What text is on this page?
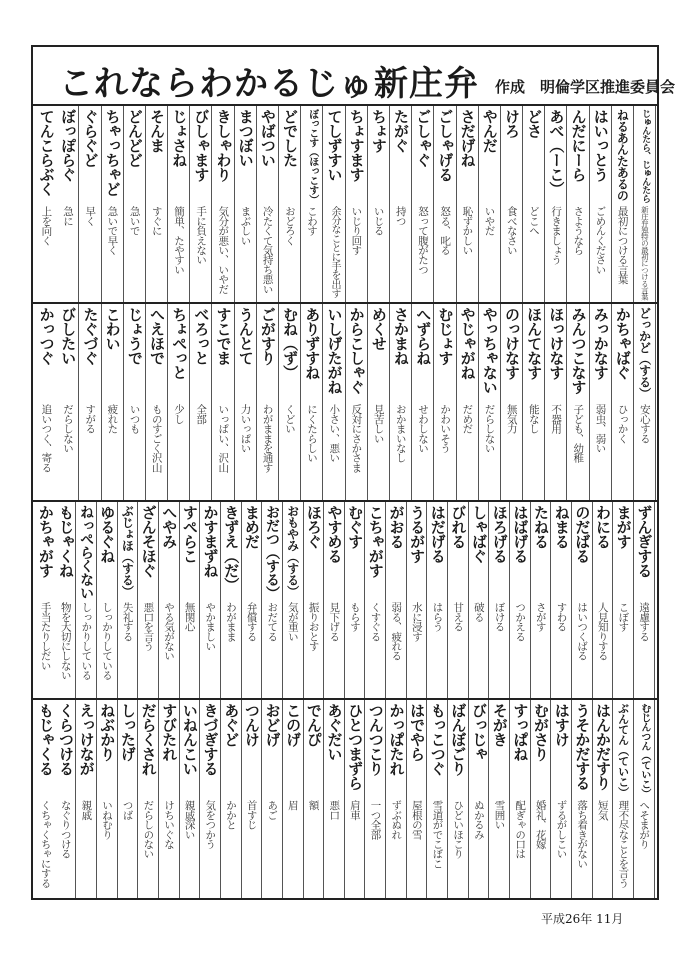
これならわかるじゅ新庄弁 作成　明倫学区推進委員会
じゅんたら、じゅんたら
新庄弁独特の最初につける言葉
ねるあんたあるの
最初につける言葉
はいっとう
ごめんください
んだにーら
さようなら
あべ（ーこ）
行きましょう
どさ
どこへ
けろ
食べなさい
やんだ
いやだ
さだげね
恥ずかしい
ごしゃげる
怒る、叱る
ごしゃぐ
怒って腹がたつ
たがぐ
持つ
ちょす
いじる
ちょすます
いじり回す
てしずすい
余分なことに手を出す
ぼっこす（ほっこす）
こわす
どでした
おどろく
やばつい
冷たくて気持ち悪い
まつぼい
まぶしい
きしゃわり
気分が悪い、いやだ
びしゃます
手に負えない
じょさね
簡単、たやすい
そんま
すぐに
どんどど
急いで
ちゃっちゃど
急いで早く
ぐらぐど
早く
ぼっぽらぐ
急に
てんこらぶく
上を向く
どっかど（する）
安心する
かちゃばぐ
ひっかく
みっかなす
弱虫、弱い
みんつこなす
子ども、幼稚
ほっけなす
不器用
ほんてなす
能なし
のっけなす
無気力
やっちゃない
だらしない
やじゃがね
だめだ
むじょす
かわいそう
へずらね
せわしない
さかまね
おかまいなし
めくせ
見苦しい
からこしゃぐ
反対にさかさま
いしげたがね
小さい、悪い
ありずすね
にくたらしい
むね（ず）
くどい
ごがすり
わがままを通す
うんとて
力いっぱい
すこでま
いっぱい、沢山
べろっと
全部
ちょぺっと
少し
へえほで
ものすごく沢山
じょうで
いつも
こわい
疲れた
たぐづぐ
すがる
びしたい
だらしない
かっつぐ
追いつく、寄る
ずんぎする
遠慮する
まがす
こぼす
わにる
人見知りする
のだばる
はいつくばる
ねまる
すわる
たねる
さがす
はばげる
つかえる
ほろげる
ぼける
しゃばぐ
破る
びれる
甘える
はだげる
はらう
うるがす
水に浸す
がおる
弱る、疲れる
こちゃがす
くすぐる
むぐす
もらす
やすめる
見下げる
ほろぐ
振りおとす
おもやみ（する）
気が重い
おだつ（する）
おだてる
まめだ
弁償する
きずえ（だ）
わがまま
かすまずね
やかましい
すぺらこ
無関心
へやみ
やる気がない
ざんそほぐ
悪口を言う
ぶじょほ（する）
失礼する
ゆるぐね
しっかりしている
ねっぺらくない
しっかりしている
もじゃくね
物を大切にしない
かちゃがす
手当たりしだい
むじんつん（ていこ）
へそまがり
ぶんてん（ていこ）
理不尽なことを言う
はんかだすり
短気
うそかだする
落ち着きがない
はすけ
ずるがしこい
むがさり
婚礼、花嫁
すっぱね
配ぎゃの口は
そがき
雪囲い
びっじゃ
ぬかるみ
ばんぼごり
ひどいほこり
もっこつぐ
雪道がでこぼこ
はでやら
屋根の雪
かっぱたれ
ずぶぬれ
つんつこり
一つ全部
ひとつまずら
肩車
あぐだい
悪口
でんぴ
額
このげ
眉
おどげ
あご
つんけ
首すじ
あぐど
かかと
きづぎする
気をつかう
いねんこい
親戚深い
すびたれ
けちいぐな
だらくされ
だらしのない
しったげ
つば
ねぶかり
いねむり
えっけなが
親戚
くらつける
なぐりつける
もじゃくる
くちゃくちゃにする
平成26年 11月
